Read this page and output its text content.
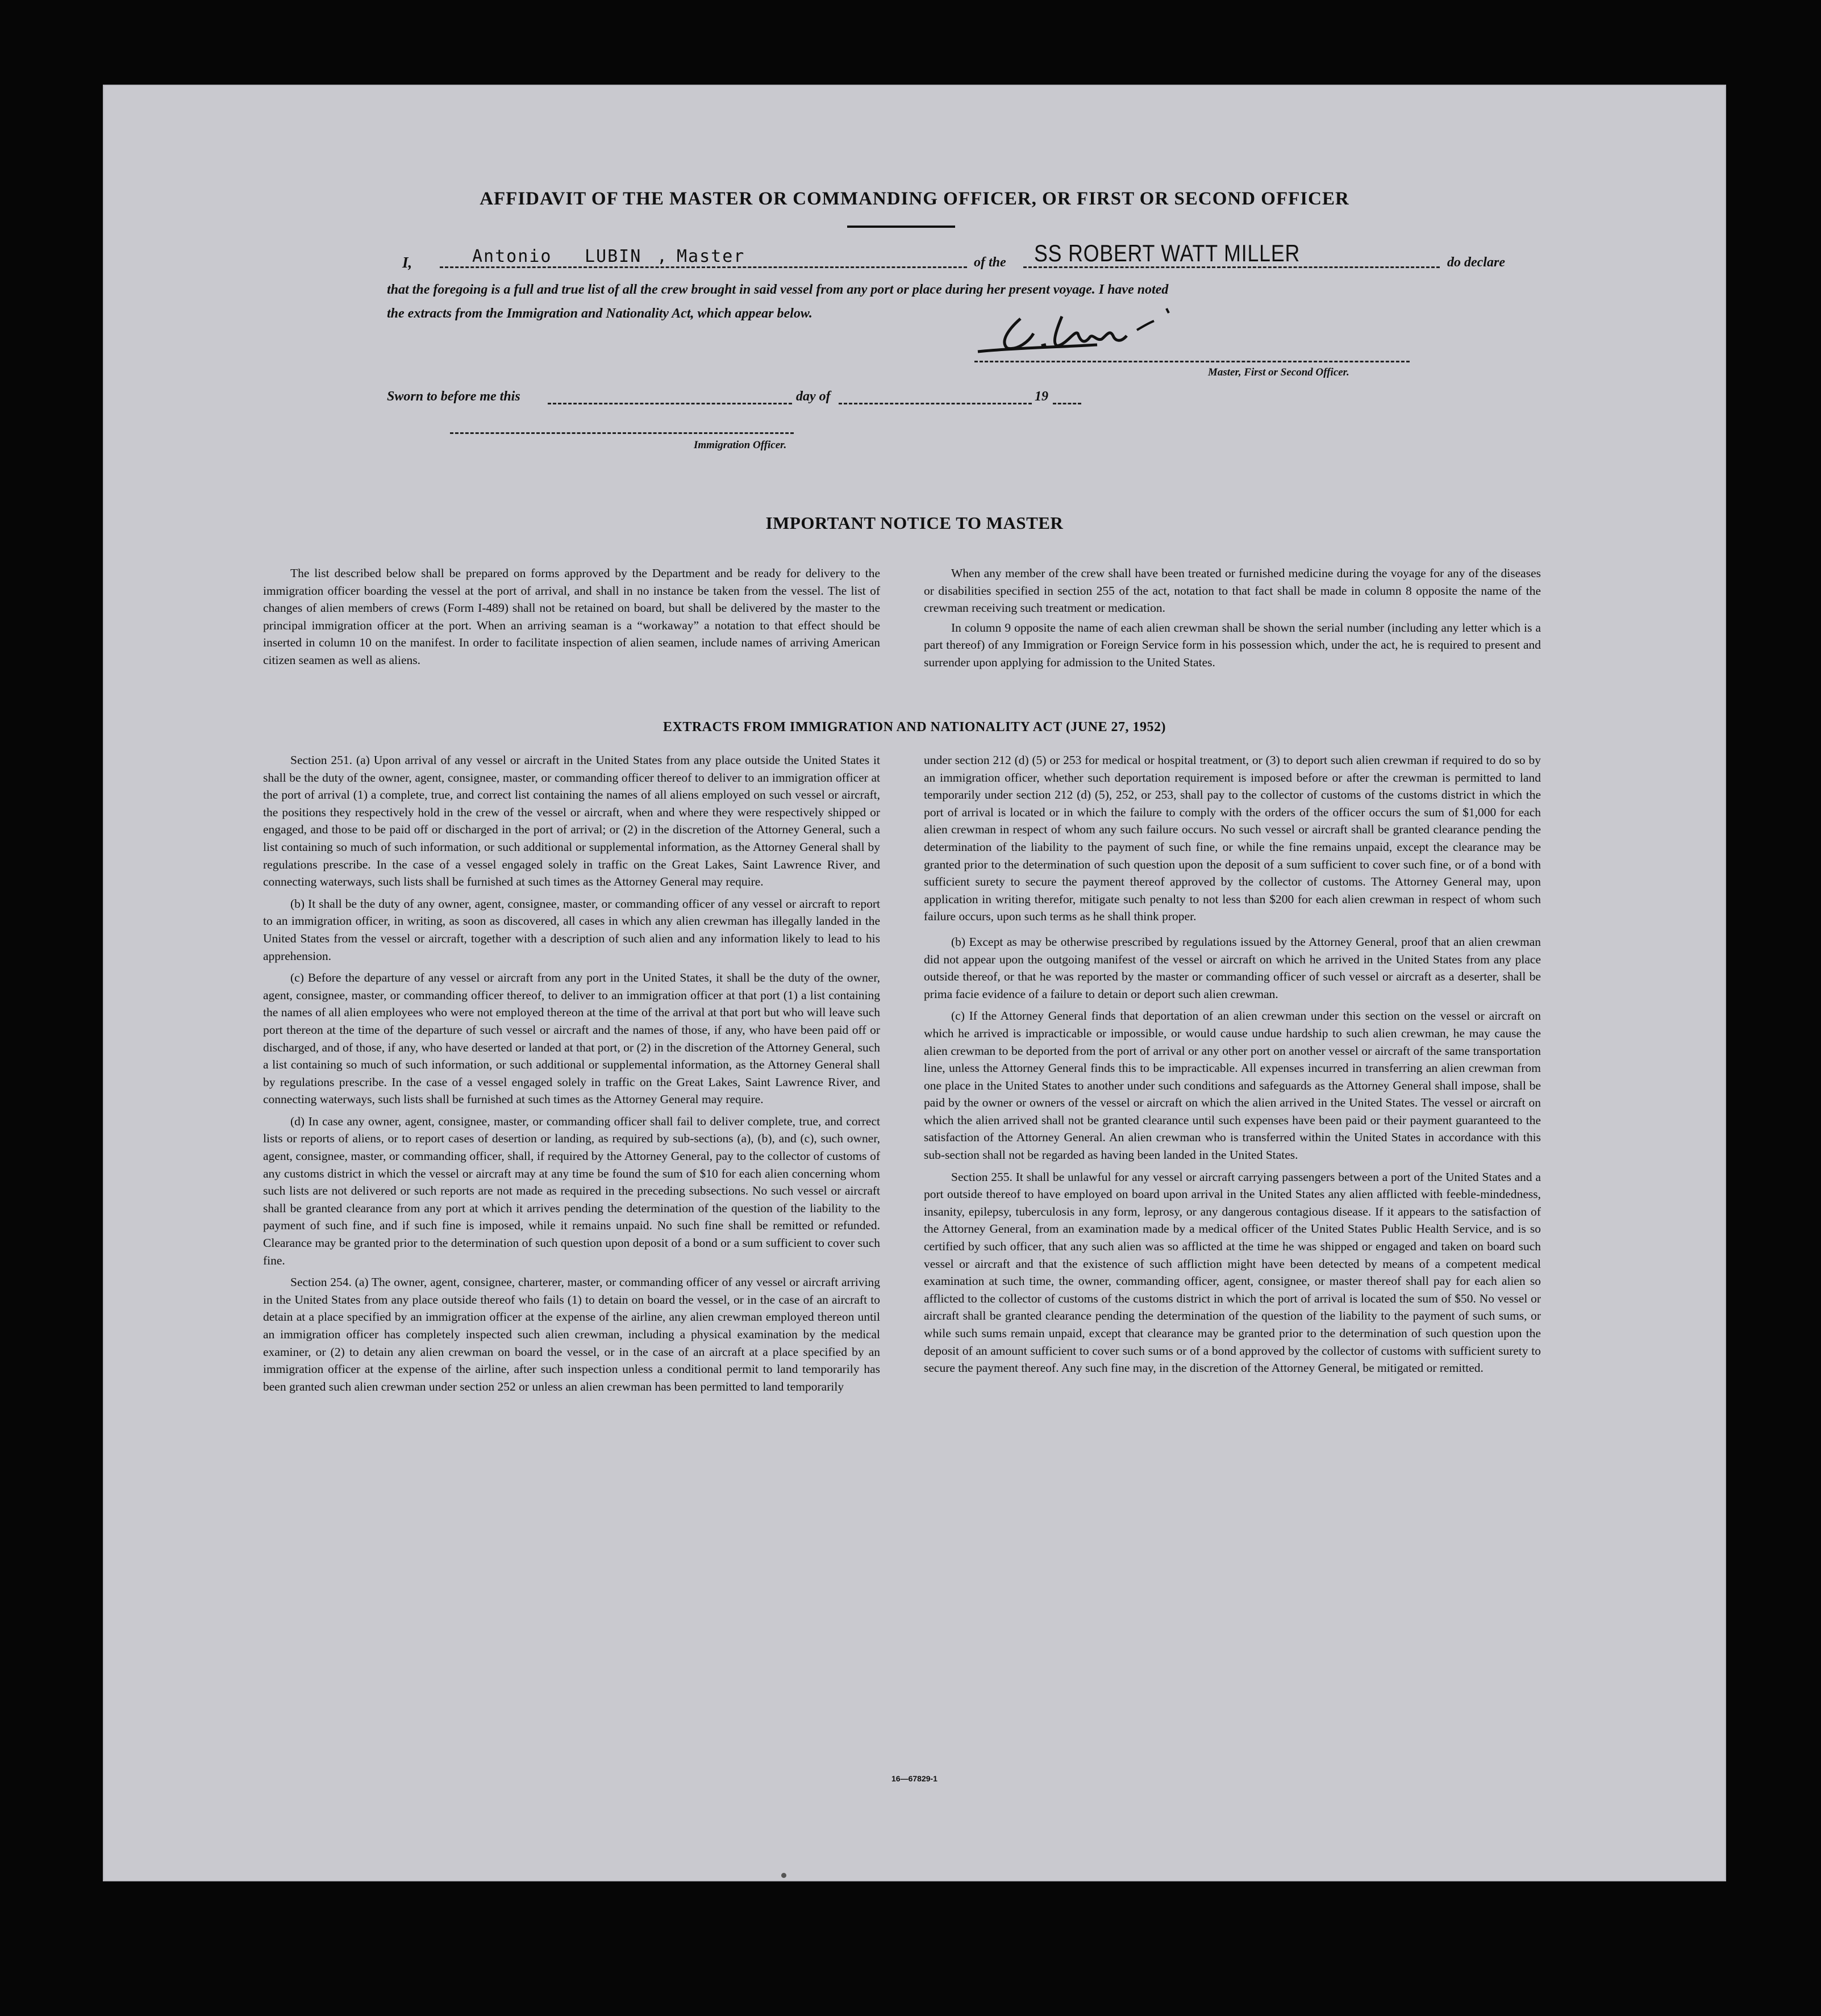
AFFIDAVIT OF THE MASTER OR COMMANDING OFFICER, OR FIRST OR SECOND OFFICER
I,	Antonio LUBIN , Master	of the SS ROBERT WATT MILLER	do declare
that the foregoing is a full and true list of all the crew brought in said vessel from any port or place during her present voyage. I have noted
the extracts from the Immigration and Nationality Act, which appear below.
Master, First or Second Officer.
Sworn to before me this	day of	19
Immigration Officer.
IMPORTANT NOTICE TO MASTER

The list described below shall be prepared on forms approved by the Department and be ready for delivery to the immigration officer boarding the vessel at the port of arrival, and shall in no instance be taken from the vessel. The list of changes of alien members of crews (Form I-489) shall not be retained on board, but shall be delivered by the master to the principal immigration officer at the port. When an arriving seaman is a “workaway” a notation to that effect should be inserted in column 10 on the manifest. In order to facilitate inspection of alien seamen, include names of arriving American citizen seamen as well as aliens.

When any member of the crew shall have been treated or furnished medicine during the voyage for any of the diseases or disabilities specified in section 255 of the act, notation to that fact shall be made in column 8 opposite the name of the crewman receiving such treatment or medication.

In column 9 opposite the name of each alien crewman shall be shown the serial number (including any letter which is a part thereof) of any Immigration or Foreign Service form in his possession which, under the act, he is required to present and surrender upon applying for admission to the United States.

EXTRACTS FROM IMMIGRATION AND NATIONALITY ACT (JUNE 27, 1952)

Section 251. (a) Upon arrival of any vessel or aircraft in the United States from any place outside the United States it shall be the duty of the owner, agent, consignee, master, or commanding officer thereof to deliver to an immigration officer at the port of arrival (1) a complete, true, and correct list containing the names of all aliens employed on such vessel or aircraft, the positions they respectively hold in the crew of the vessel or aircraft, when and where they were respectively shipped or engaged, and those to be paid off or discharged in the port of arrival; or (2) in the discretion of the Attorney General, such a list containing so much of such information, or such additional or supplemental information, as the Attorney General shall by regulations prescribe. In the case of a vessel engaged solely in traffic on the Great Lakes, Saint Lawrence River, and connecting waterways, such lists shall be furnished at such times as the Attorney General may require.

(b) It shall be the duty of any owner, agent, consignee, master, or commanding officer of any vessel or aircraft to report to an immigration officer, in writing, as soon as discovered, all cases in which any alien crewman has illegally landed in the United States from the vessel or aircraft, together with a description of such alien and any information likely to lead to his apprehension.

(c) Before the departure of any vessel or aircraft from any port in the United States, it shall be the duty of the owner, agent, consignee, master, or commanding officer thereof, to deliver to an immigration officer at that port (1) a list containing the names of all alien employees who were not employed thereon at the time of the arrival at that port but who will leave such port thereon at the time of the departure of such vessel or aircraft and the names of those, if any, who have been paid off or discharged, and of those, if any, who have deserted or landed at that port, or (2) in the discretion of the Attorney General, such a list containing so much of such information, or such additional or supplemental information, as the Attorney General shall by regulations prescribe. In the case of a vessel engaged solely in traffic on the Great Lakes, Saint Lawrence River, and connecting waterways, such lists shall be furnished at such times as the Attorney General may require.

(d) In case any owner, agent, consignee, master, or commanding officer shall fail to deliver complete, true, and correct lists or reports of aliens, or to report cases of desertion or landing, as required by sub-sections (a), (b), and (c), such owner, agent, consignee, master, or commanding officer, shall, if required by the Attorney General, pay to the collector of customs of any customs district in which the vessel or aircraft may at any time be found the sum of $10 for each alien concerning whom such lists are not delivered or such reports are not made as required in the preceding subsections. No such vessel or aircraft shall be granted clearance from any port at which it arrives pending the determination of the question of the liability to the payment of such fine, and if such fine is imposed, while it remains unpaid. No such fine shall be remitted or refunded. Clearance may be granted prior to the determination of such question upon deposit of a bond or a sum sufficient to cover such fine.

Section 254. (a) The owner, agent, consignee, charterer, master, or commanding officer of any vessel or aircraft arriving in the United States from any place outside thereof who fails (1) to detain on board the vessel, or in the case of an aircraft to detain at a place specified by an immigration officer at the expense of the airline, any alien crewman employed thereon until an immigration officer has completely inspected such alien crewman, including a physical examination by the medical examiner, or (2) to detain any alien crewman on board the vessel, or in the case of an aircraft at a place specified by an immigration officer at the expense of the airline, after such inspection unless a conditional permit to land temporarily has been granted such alien crewman under section 252 or unless an alien crewman has been permitted to land temporarily

under section 212 (d) (5) or 253 for medical or hospital treatment, or (3) to deport such alien crewman if required to do so by an immigration officer, whether such deportation requirement is imposed before or after the crewman is permitted to land temporarily under section 212 (d) (5), 252, or 253, shall pay to the collector of customs of the customs district in which the port of arrival is located or in which the failure to comply with the orders of the officer occurs the sum of $1,000 for each alien crewman in respect of whom any such failure occurs. No such vessel or aircraft shall be granted clearance pending the determination of the liability to the payment of such fine, or while the fine remains unpaid, except the clearance may be granted prior to the determination of such question upon the deposit of a sum sufficient to cover such fine, or of a bond with sufficient surety to secure the payment thereof approved by the collector of customs. The Attorney General may, upon application in writing therefor, mitigate such penalty to not less than $200 for each alien crewman in respect of whom such failure occurs, upon such terms as he shall think proper.

(b) Except as may be otherwise prescribed by regulations issued by the Attorney General, proof that an alien crewman did not appear upon the outgoing manifest of the vessel or aircraft on which he arrived in the United States from any place outside thereof, or that he was reported by the master or commanding officer of such vessel or aircraft as a deserter, shall be prima facie evidence of a failure to detain or deport such alien crewman.

(c) If the Attorney General finds that deportation of an alien crewman under this section on the vessel or aircraft on which he arrived is impracticable or impossible, or would cause undue hardship to such alien crewman, he may cause the alien crewman to be deported from the port of arrival or any other port on another vessel or aircraft of the same transportation line, unless the Attorney General finds this to be impracticable. All expenses incurred in transferring an alien crewman from one place in the United States to another under such conditions and safeguards as the Attorney General shall impose, shall be paid by the owner or owners of the vessel or aircraft on which the alien arrived in the United States. The vessel or aircraft on which the alien arrived shall not be granted clearance until such expenses have been paid or their payment guaranteed to the satisfaction of the Attorney General. An alien crewman who is transferred within the United States in accordance with this sub-section shall not be regarded as having been landed in the United States.

Section 255. It shall be unlawful for any vessel or aircraft carrying passengers between a port of the United States and a port outside thereof to have employed on board upon arrival in the United States any alien afflicted with feeble-mindedness, insanity, epilepsy, tuberculosis in any form, leprosy, or any dangerous contagious disease. If it appears to the satisfaction of the Attorney General, from an examination made by a medical officer of the United States Public Health Service, and is so certified by such officer, that any such alien was so afflicted at the time he was shipped or engaged and taken on board such vessel or aircraft and that the existence of such affliction might have been detected by means of a competent medical examination at such time, the owner, commanding officer, agent, consignee, or master thereof shall pay for each alien so afflicted to the collector of customs of the customs district in which the port of arrival is located the sum of $50. No vessel or aircraft shall be granted clearance pending the determination of the question of the liability to the payment of such sums, or while such sums remain unpaid, except that clearance may be granted prior to the determination of such question upon the deposit of an amount sufficient to cover such sums or of a bond approved by the collector of customs with sufficient surety to secure the payment thereof. Any such fine may, in the discretion of the Attorney General, be mitigated or remitted.

16—67829-1
